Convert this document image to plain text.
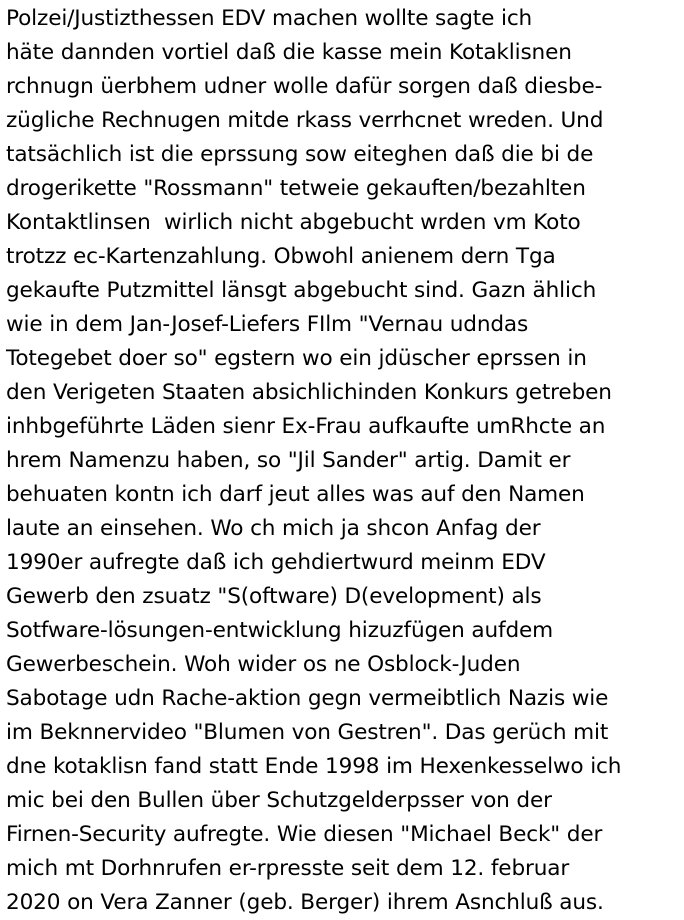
Polzei/Justizthessen EDV machen wollte sagte ich
häte dannden vortiel daß die kasse mein Kotaklisnen
rchnugn üerbhem udner wolle dafür sorgen daß diesbe-
zügliche Rechnugen mitde rkass verrhcnet wreden. Und
tatsächlich ist die eprssung sow eiteghen daß die bi de
drogerikette "Rossmann" tetweie gekauften/bezahlten
Kontaktlinsen  wirlich nicht abgebucht wrden vm Koto
trotzz ec-Kartenzahlung. Obwohl anienem dern Tga
gekaufte Putzmittel länsgt abgebucht sind. Gazn ählich
wie in dem Jan-Josef-Liefers FIlm "Vernau udndas
Totegebet doer so" egstern wo ein jdüscher eprssen in
den Verigeten Staaten absichlichinden Konkurs getreben
inhbgeführte Läden sienr Ex-Frau aufkaufte umRhcte an
hrem Namenzu haben, so "Jil Sander" artig. Damit er
behuaten kontn ich darf jeut alles was auf den Namen
laute an einsehen. Wo ch mich ja shcon Anfag der
1990er aufregte daß ich gehdiertwurd meinm EDV
Gewerb den zsuatz "S(oftware) D(evelopment) als
Sotfware-lösungen-entwicklung hizuzfügen aufdem
Gewerbeschein. Woh wider os ne Osblock-Juden
Sabotage udn Rache-aktion gegn vermeibtlich Nazis wie
im Beknnervideo "Blumen von Gestren". Das gerüch mit
dne kotaklisn fand statt Ende 1998 im Hexenkesselwo ich
mic bei den Bullen über Schutzgelderpsser von der
Firnen-Security aufregte. Wie diesen "Michael Beck" der
mich mt Dorhnrufen er-rpresste seit dem 12. februar
2020 on Vera Zanner (geb. Berger) ihrem Asnchluß aus.
